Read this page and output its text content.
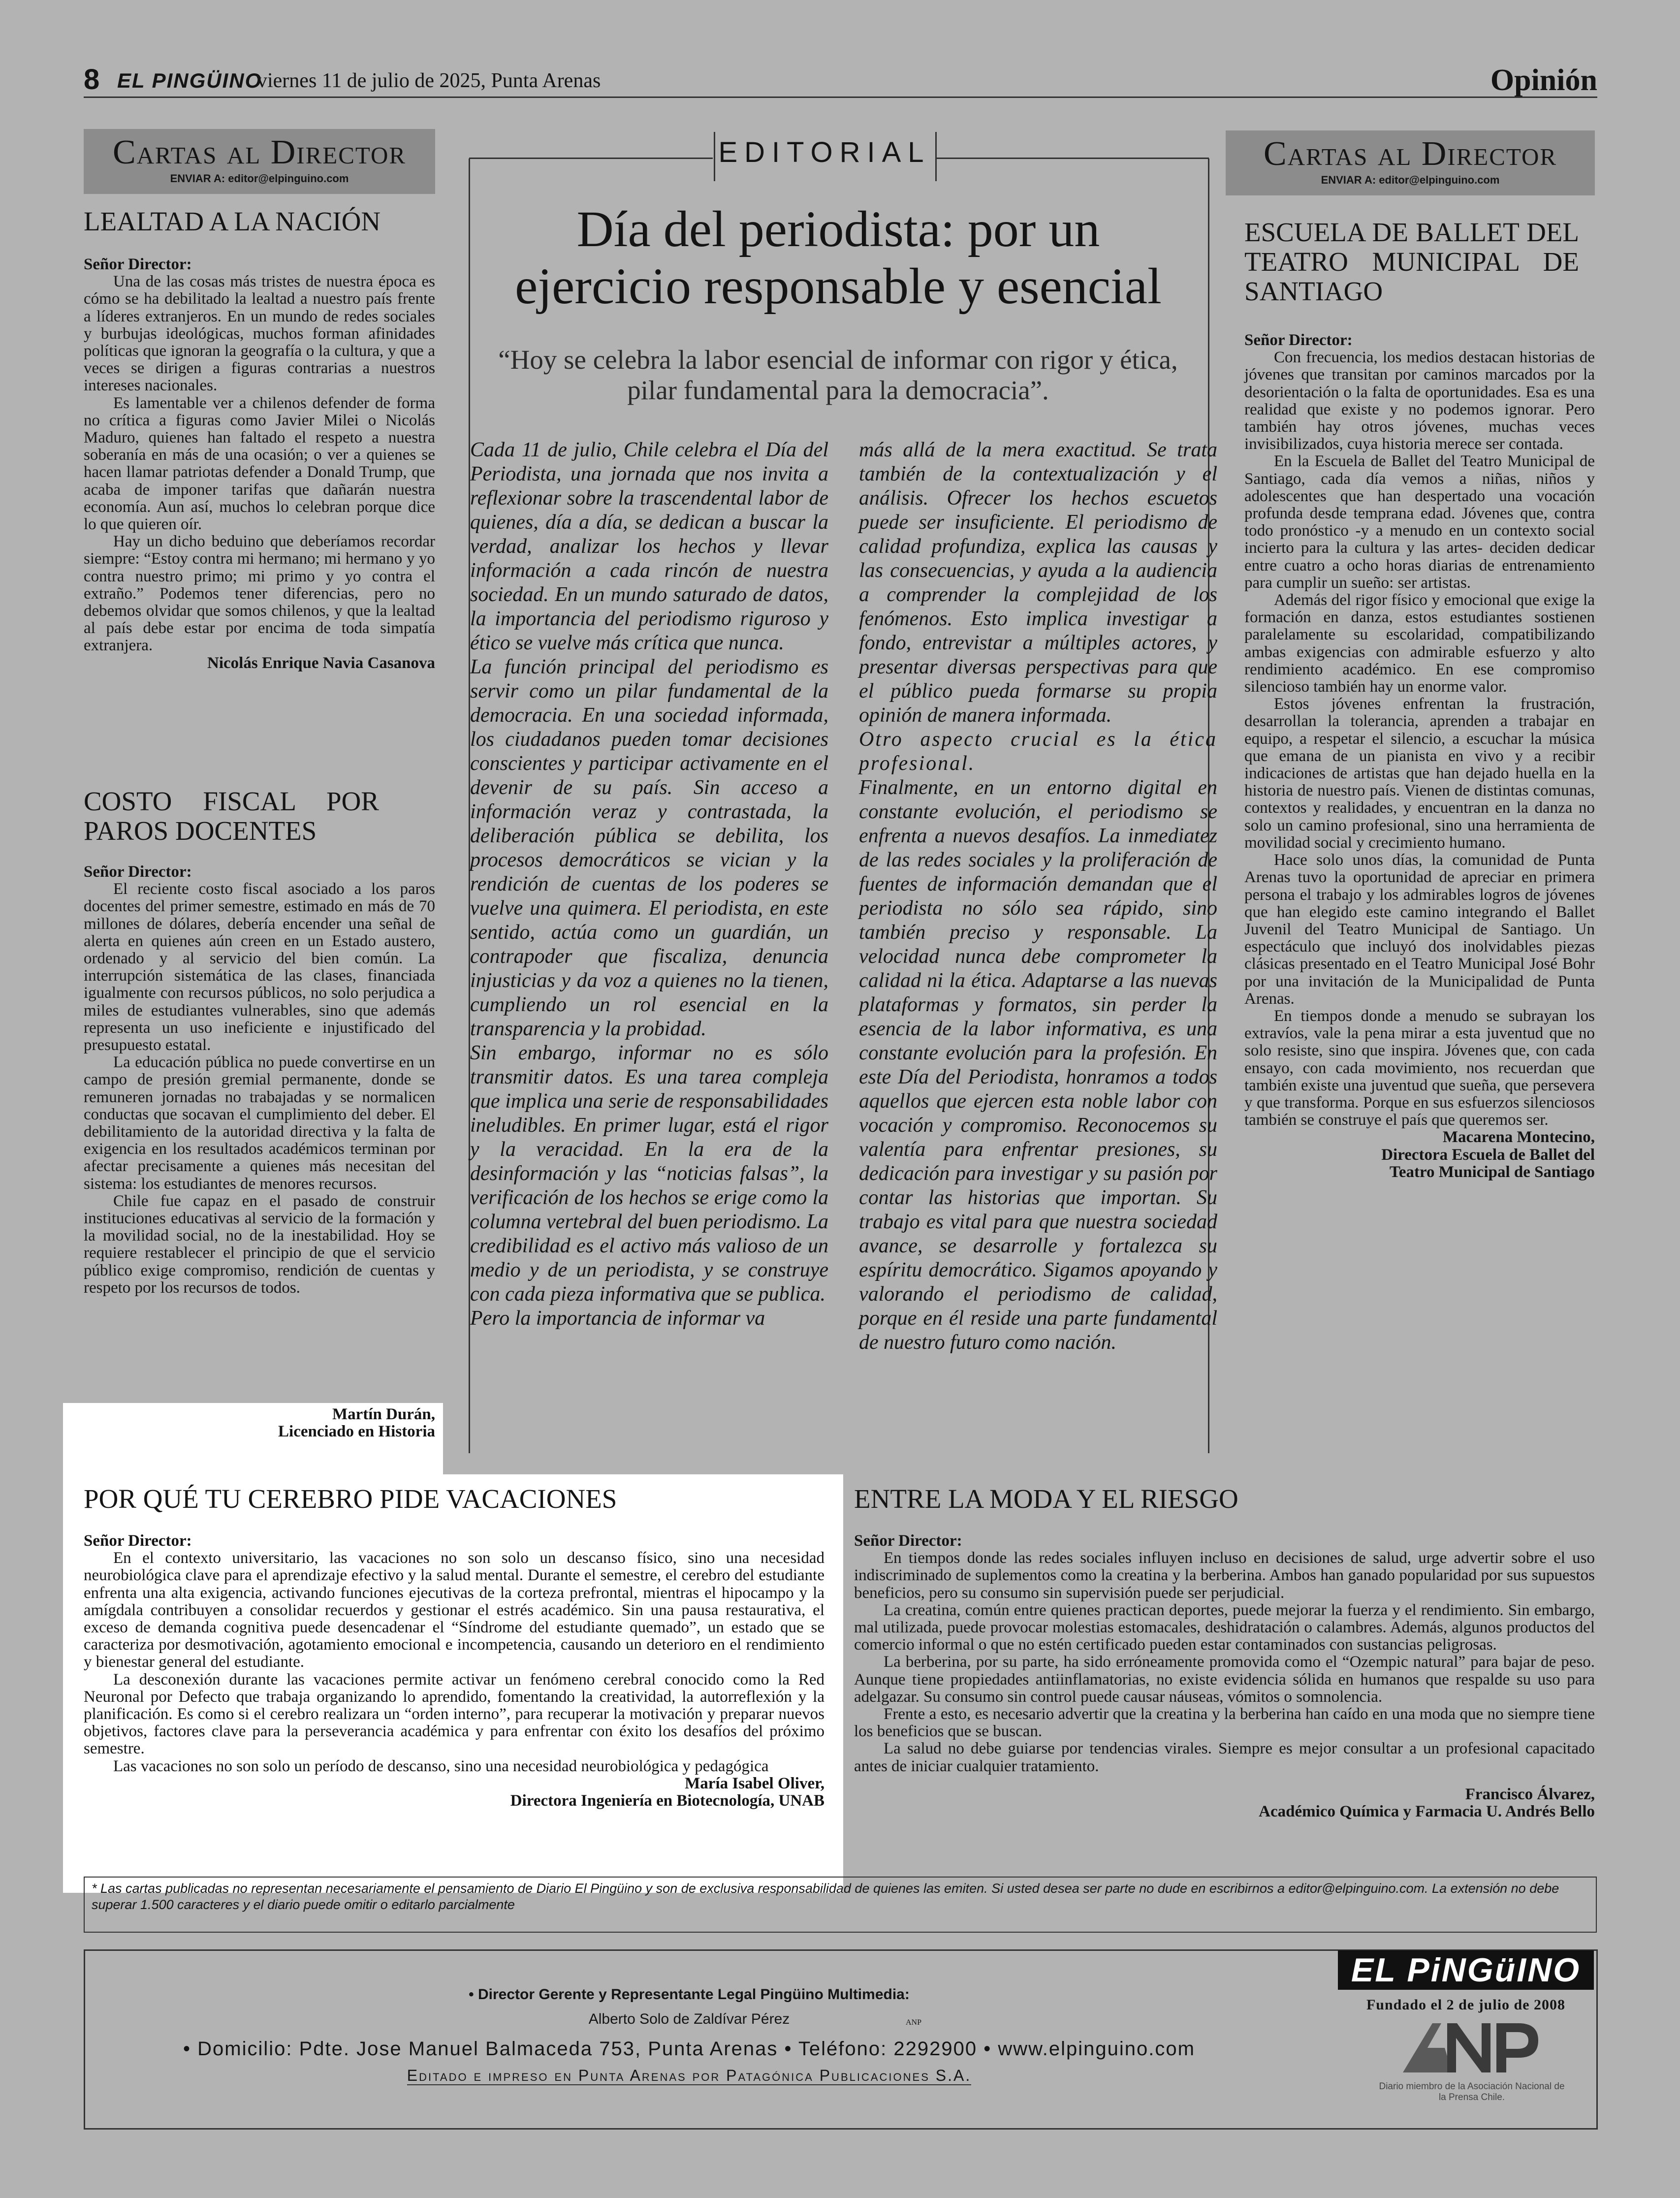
8 EL PINGÜINO
viernes 11 de julio de 2025, Punta Arenas	Opinión
Cartas al Director
ENVIAR A: editor@elpinguino.com
LEALTAD A LA NACIÓN

Señor Director:

Una de las cosas más tristes de nuestra época es cómo se ha debilitado la lealtad a nuestro país frente a líderes extranjeros. En un mundo de redes sociales y burbujas ideológicas, muchos forman afinidades políticas que ignoran la geografía o la cultura, y que a veces se dirigen a figuras contrarias a nuestros intereses nacionales.

Es lamentable ver a chilenos defender de forma no crítica a figuras como Javier Milei o Nicolás Maduro, quienes han faltado el respeto a nuestra soberanía en más de una ocasión; o ver a quienes se hacen llamar patriotas defender a Donald Trump, que acaba de imponer tarifas que dañarán nuestra economía. Aun así, muchos lo celebran porque dice lo que quieren oír.

Hay un dicho beduino que deberíamos recordar siempre: “Estoy contra mi hermano; mi hermano y yo contra nuestro primo; mi primo y yo contra el extraño.” Podemos tener diferencias, pero no debemos olvidar que somos chilenos, y que la lealtad al país debe estar por encima de toda simpatía extranjera.

Nicolás Enrique Navia Casanova

COSTO FISCAL POR PAROS DOCENTES

Señor Director:

El reciente costo fiscal asociado a los paros docentes del primer semestre, estimado en más de 70 millones de dólares, debería encender una señal de alerta en quienes aún creen en un Estado austero, ordenado y al servicio del bien común. La interrupción sistemática de las clases, financiada igualmente con recursos públicos, no solo perjudica a miles de estudiantes vulnerables, sino que además representa un uso ineficiente e injustificado del presupuesto estatal.

La educación pública no puede convertirse en un campo de presión gremial permanente, donde se remuneren jornadas no trabajadas y se normalicen conductas que socavan el cumplimiento del deber. El debilitamiento de la autoridad directiva y la falta de exigencia en los resultados académicos terminan por afectar precisamente a quienes más necesitan del sistema: los estudiantes de menores recursos.

Chile fue capaz en el pasado de construir instituciones educativas al servicio de la formación y la movilidad social, no de la inestabilidad. Hoy se requiere restablecer el principio de que el servicio público exige compromiso, rendición de cuentas y respeto por los recursos de todos.

Martín Durán,

Licenciado en Historia

EDITORIAL
Día del periodista: por un
ejercicio responsable y esencial
“Hoy se celebra la labor esencial de informar con rigor y ética, pilar fundamental para la democracia”.

Cada 11 de julio, Chile celebra el Día del Periodista, una jornada que nos invita a reflexionar sobre la trascendental labor de quienes, día a día, se dedican a buscar la verdad, analizar los hechos y llevar información a cada rincón de nuestra sociedad. En un mundo saturado de datos, la importancia del periodismo riguroso y ético se vuelve más crítica que nunca.

La función principal del periodismo es servir como un pilar fundamental de la democracia. En una sociedad informada, los ciudadanos pueden tomar decisiones conscientes y participar activamente en el devenir de su país. Sin acceso a información veraz y contrastada, la deliberación pública se debilita, los procesos democráticos se vician y la rendición de cuentas de los poderes se vuelve una quimera. El periodista, en este sentido, actúa como un guardián, un contrapoder que fiscaliza, denuncia injusticias y da voz a quienes no la tienen, cumpliendo un rol esencial en la transparencia y la probidad.

Sin embargo, informar no es sólo transmitir datos. Es una tarea compleja que implica una serie de responsabilidades ineludibles. En primer lugar, está el rigor y la veracidad. En la era de la desinformación y las “noticias falsas”, la verificación de los hechos se erige como la columna vertebral del buen periodismo. La credibilidad es el activo más valioso de un medio y de un periodista, y se construye con cada pieza informativa que se publica.

Pero la importancia de informar va

más allá de la mera exactitud. Se trata también de la contextualización y el análisis. Ofrecer los hechos escuetos puede ser insuficiente. El periodismo de calidad profundiza, explica las causas y las consecuencias, y ayuda a la audiencia a comprender la complejidad de los fenómenos. Esto implica investigar a fondo, entrevistar a múltiples actores, y presentar diversas perspectivas para que el público pueda formarse su propia opinión de manera informada.

Otro aspecto crucial es la ética profesional.

Finalmente, en un entorno digital en constante evolución, el periodismo se enfrenta a nuevos desafíos. La inmediatez de las redes sociales y la proliferación de fuentes de información demandan que el periodista no sólo sea rápido, sino también preciso y responsable. La velocidad nunca debe comprometer la calidad ni la ética. Adaptarse a las nuevas plataformas y formatos, sin perder la esencia de la labor informativa, es una constante evolución para la profesión. En este Día del Periodista, honramos a todos aquellos que ejercen esta noble labor con vocación y compromiso. Reconocemos su valentía para enfrentar presiones, su dedicación para investigar y su pasión por contar las historias que importan. Su trabajo es vital para que nuestra sociedad avance, se desarrolle y fortalezca su espíritu democrático. Sigamos apoyando y valorando el periodismo de calidad, porque en él reside una parte fundamental de nuestro futuro como nación.

Cartas al Director
ENVIAR A: editor@elpinguino.com
ESCUELA DE BALLET DEL TEATRO MUNICIPAL DE SANTIAGO

Señor Director:

Con frecuencia, los medios destacan historias de jóvenes que transitan por caminos marcados por la desorientación o la falta de oportunidades. Esa es una realidad que existe y no podemos ignorar. Pero también hay otros jóvenes, muchas veces invisibilizados, cuya historia merece ser contada.

En la Escuela de Ballet del Teatro Municipal de Santiago, cada día vemos a niñas, niños y adolescentes que han despertado una vocación profunda desde temprana edad. Jóvenes que, contra todo pronóstico -y a menudo en un contexto social incierto para la cultura y las artes- deciden dedicar entre cuatro a ocho horas diarias de entrenamiento para cumplir un sueño: ser artistas.

Además del rigor físico y emocional que exige la formación en danza, estos estudiantes sostienen paralelamente su escolaridad, compatibilizando ambas exigencias con admirable esfuerzo y alto rendimiento académico. En ese compromiso silencioso también hay un enorme valor.

Estos jóvenes enfrentan la frustración, desarrollan la tolerancia, aprenden a trabajar en equipo, a respetar el silencio, a escuchar la música que emana de un pianista en vivo y a recibir indicaciones de artistas que han dejado huella en la historia de nuestro país. Vienen de distintas comunas, contextos y realidades, y encuentran en la danza no solo un camino profesional, sino una herramienta de movilidad social y crecimiento humano.

Hace solo unos días, la comunidad de Punta Arenas tuvo la oportunidad de apreciar en primera persona el trabajo y los admirables logros de jóvenes que han elegido este camino integrando el Ballet Juvenil del Teatro Municipal de Santiago. Un espectáculo que incluyó dos inolvidables piezas clásicas presentado en el Teatro Municipal José Bohr por una invitación de la Municipalidad de Punta Arenas.

En tiempos donde a menudo se subrayan los extravíos, vale la pena mirar a esta juventud que no solo resiste, sino que inspira. Jóvenes que, con cada ensayo, con cada movimiento, nos recuerdan que también existe una juventud que sueña, que persevera y que transforma. Porque en sus esfuerzos silenciosos también se construye el país que queremos ser.

Macarena Montecino,

Directora Escuela de Ballet del

Teatro Municipal de Santiago

POR QUÉ TU CEREBRO PIDE VACACIONES

Señor Director:

En el contexto universitario, las vacaciones no son solo un descanso físico, sino una necesidad neurobiológica clave para el aprendizaje efectivo y la salud mental. Durante el semestre, el cerebro del estudiante enfrenta una alta exigencia, activando funciones ejecutivas de la corteza prefrontal, mientras el hipocampo y la amígdala contribuyen a consolidar recuerdos y gestionar el estrés académico. Sin una pausa restaurativa, el exceso de demanda cognitiva puede desencadenar el “Síndrome del estudiante quemado”, un estado que se caracteriza por desmotivación, agotamiento emocional e incompetencia, causando un deterioro en el rendimiento y bienestar general del estudiante.

La desconexión durante las vacaciones permite activar un fenómeno cerebral conocido como la Red Neuronal por Defecto que trabaja organizando lo aprendido, fomentando la creatividad, la autorreflexión y la planificación. Es como si el cerebro realizara un “orden interno”, para recuperar la motivación y preparar nuevos objetivos, factores clave para la perseverancia académica y para enfrentar con éxito los desafíos del próximo semestre.

Las vacaciones no son solo un período de descanso, sino una necesidad neurobiológica y pedagógica

María Isabel Oliver,

Directora Ingeniería en Biotecnología, UNAB

ENTRE LA MODA Y EL RIESGO

Señor Director:

En tiempos donde las redes sociales influyen incluso en decisiones de salud, urge advertir sobre el uso indiscriminado de suplementos como la creatina y la berberina. Ambos han ganado popularidad por sus supuestos beneficios, pero su consumo sin supervisión puede ser perjudicial.

La creatina, común entre quienes practican deportes, puede mejorar la fuerza y el rendimiento. Sin embargo, mal utilizada, puede provocar molestias estomacales, deshidratación o calambres. Además, algunos productos del comercio informal o que no estén certificado pueden estar contaminados con sustancias peligrosas.

La berberina, por su parte, ha sido erróneamente promovida como el “Ozempic natural” para bajar de peso. Aunque tiene propiedades antiinflamatorias, no existe evidencia sólida en humanos que respalde su uso para adelgazar. Su consumo sin control puede causar náuseas, vómitos o somnolencia.

Frente a esto, es necesario advertir que la creatina y la berberina han caído en una moda que no siempre tiene los beneficios que se buscan.

La salud no debe guiarse por tendencias virales. Siempre es mejor consultar a un profesional capacitado antes de iniciar cualquier tratamiento.

Francisco Álvarez,

Académico Química y Farmacia U. Andrés Bello

* Las cartas publicadas no representan necesariamente el pensamiento de Diario El Pingüino y son de exclusiva responsabilidad de quienes las emiten. Si usted desea ser parte no dude en escribirnos a editor@elpinguino.com. La extensión no debe superar 1.500 caracteres y el diario puede omitir o editarlo parcialmente
• Director Gerente y Representante Legal Pingüino Multimedia:
Alberto Solo de Zaldívar Pérez
• Domicilio: Pdte. Jose Manuel Balmaceda 753, Punta Arenas • Teléfono: 2292900 • www.elpinguino.com
Editado e impreso en Punta Arenas por Patagónica Publicaciones S.A.
EL PiNGüINO
Fundado el 2 de julio de 2008
ANP
Diario miembro de la Asociación Nacional de la Prensa Chile.
